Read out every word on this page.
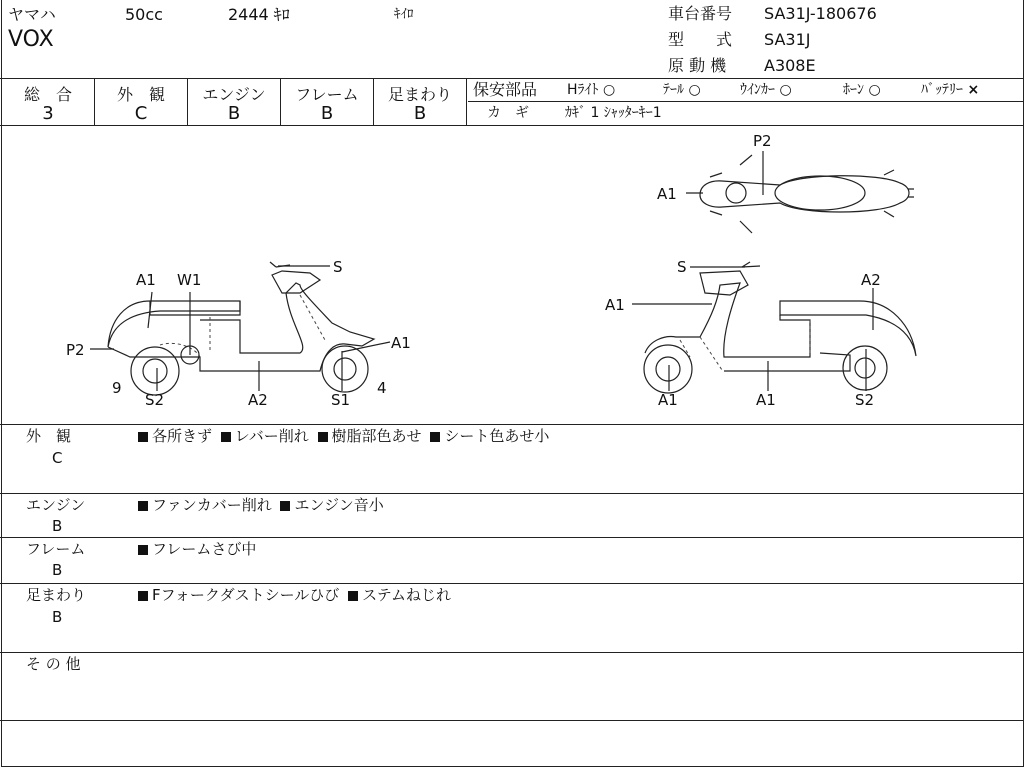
ヤマハ	50cc	2444 ｷﾛ	ｷｲﾛ
VOX
車台番号 SA31J-180676
型　　式 SA31J
原 動 機 A308E
総　合
3
外　観
C
エンジン
B
フレーム
B
足まわり
B
保安部品 Hﾗｲﾄ ○	ﾃｰﾙ ○	ｳｲﾝｶｰ ○	ﾎｰﾝ ○	ﾊﾞｯﾃﾘｰ ×
カ　ギ	ｶｷﾞ 1 ｼｬｯﾀｰｷｰ1
A1 W1
S
P2	A1
9
S2	A2	S1
4
S
A2
A1
A1	A1	S2
P2
A1
外　観
C
各所きず レバー削れ 樹脂部色あせ シート色あせ小
エンジン
B
ファンカバー削れ エンジン音小
フレーム
B
フレームさび中
足まわり
B
Fフォークダストシールひび ステムねじれ
そ の 他
